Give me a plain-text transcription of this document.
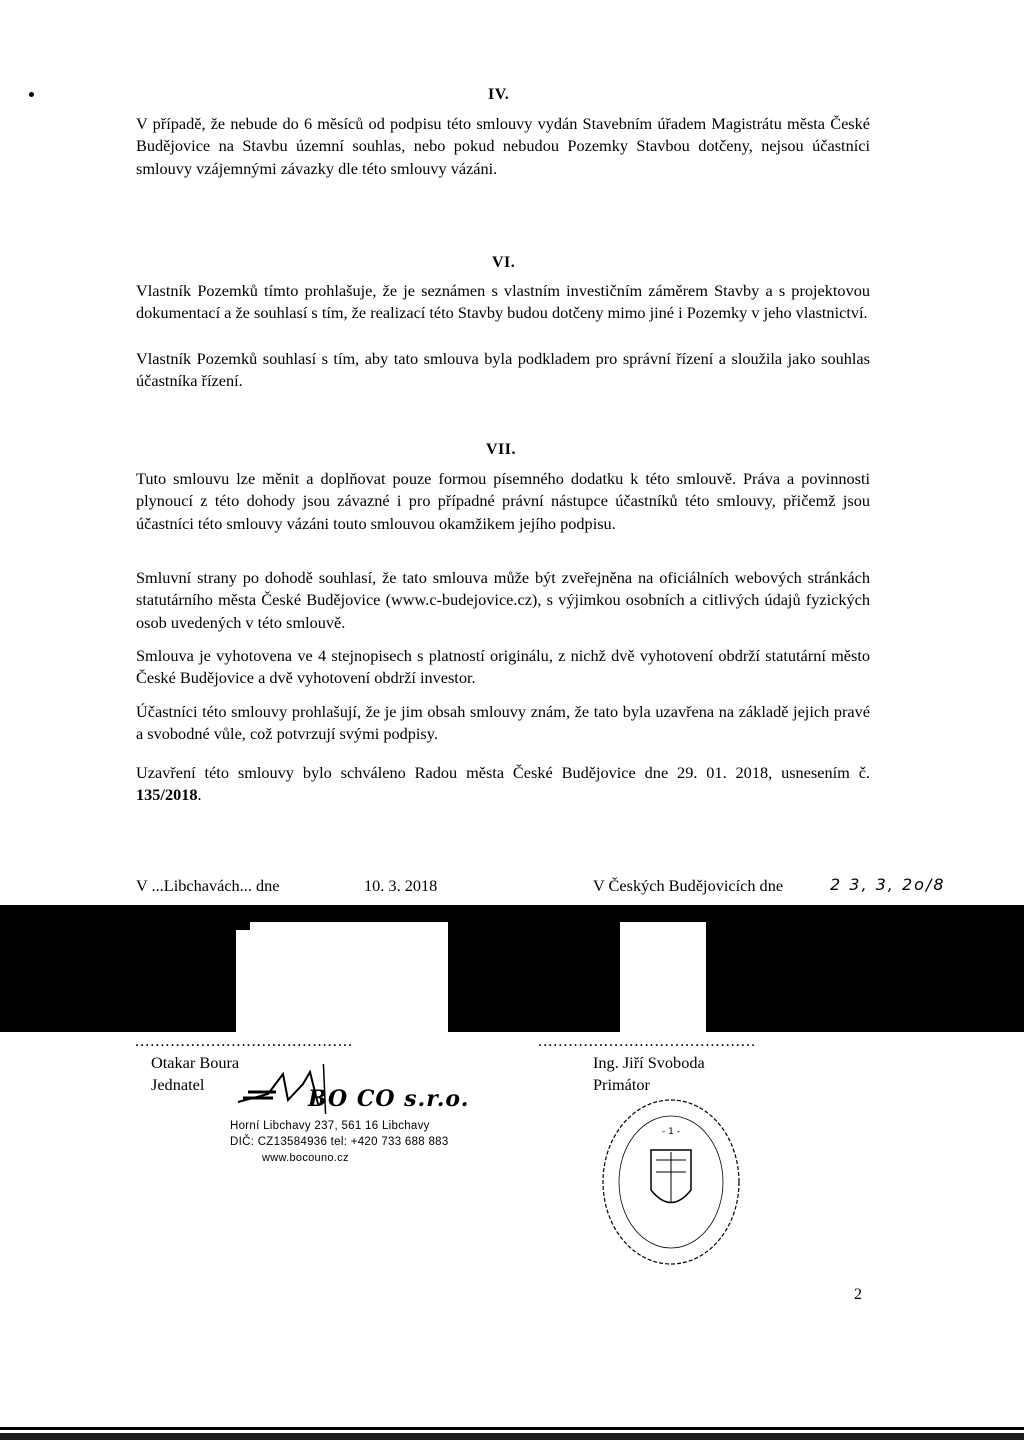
IV.

V případě, že nebude do 6 měsíců od podpisu této smlouvy vydán Stavebním úřadem Magistrátu města České Budějovice na Stavbu územní souhlas, nebo pokud nebudou Pozemky Stavbou dotčeny, nejsou účastníci smlouvy vzájemnými závazky dle této smlouvy vázáni.

VI.

Vlastník Pozemků tímto prohlašuje, že je seznámen s vlastním investičním záměrem Stavby a s projektovou dokumentací a že souhlasí s tím, že realizací této Stavby budou dotčeny mimo jiné i Pozemky v jeho vlastnictví.

Vlastník Pozemků souhlasí s tím, aby tato smlouva byla podkladem pro správní řízení a sloužila jako souhlas účastníka řízení.

VII.

Tuto smlouvu lze měnit a doplňovat pouze formou písemného dodatku k této smlouvě. Práva a povinnosti plynoucí z této dohody jsou závazné i pro případné právní nástupce účastníků této smlouvy, přičemž jsou účastníci této smlouvy vázáni touto smlouvou okamžikem jejího podpisu.

Smluvní strany po dohodě souhlasí, že tato smlouva může být zveřejněna na oficiálních webových stránkách statutárního města České Budějovice (www.c-budejovice.cz), s výjimkou osobních a citlivých údajů fyzických osob uvedených v této smlouvě.

Smlouva je vyhotovena ve 4 stejnopisech s platností originálu, z nichž dvě vyhotovení obdrží statutární město České Budějovice a dvě vyhotovení obdrží investor.

Účastníci této smlouvy prohlašují, že je jim obsah smlouvy znám, že tato byla uzavřena na základě jejich pravé a svobodné vůle, což potvrzují svými podpisy.

Uzavření této smlouvy bylo schváleno Radou města České Budějovice dne 29. 01. 2018, usnesením č. 135/2018.

V ...Libchavách... dne	10. 3. 2018	V Českých Budějovicích dne	2 3, 3, 2o/8
...........................................	...........................................
Otakar Boura
Jednatel
Ing. Jiří Svoboda
Primátor
BO CO s.r.o.
Horní Libchavy 237, 561 16 Libchavy
DIČ: CZ13584936 tel: +420 733 688 883
www.bocouno.cz
- 1 -
2
